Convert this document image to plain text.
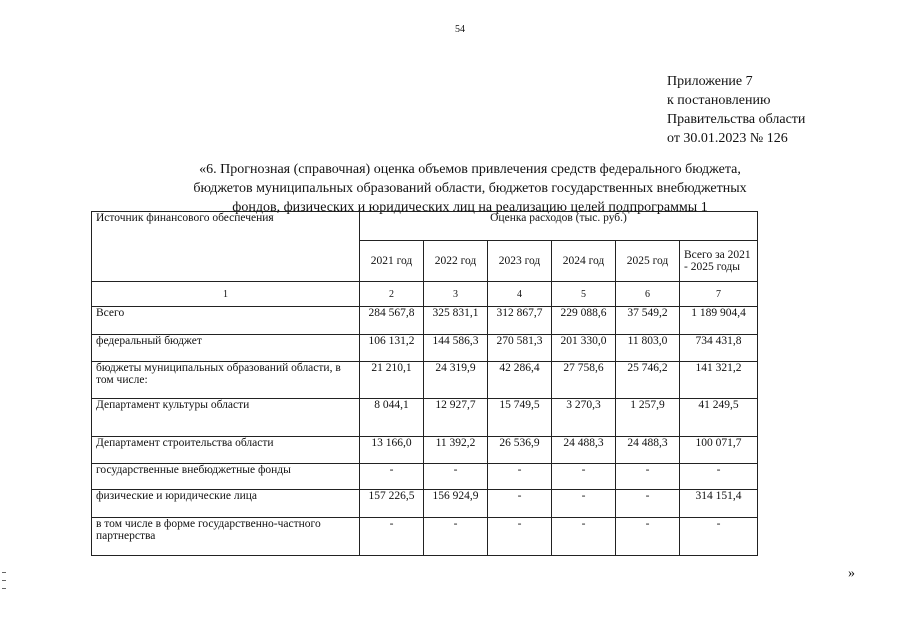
54
Приложение 7
к постановлению
Правительства области
от 30.01.2023 № 126
«6. Прогнозная (справочная) оценка объемов привлечения средств федерального бюджета,
бюджетов муниципальных образований области, бюджетов государственных внебюджетных
фондов, физических и юридических лиц на реализацию целей подпрограммы 1
Источник финансового обеспечения	Оценка расходов (тыс. руб.)					
	2021 год	2022 год	2023 год	2024 год	2025 год	Всего за 2021 - 2025 годы
1	2	3	4	5	6	7
Всего	284 567,8	325 831,1	312 867,7	229 088,6	37 549,2	1 189 904,4
федеральный бюджет	106 131,2	144 586,3	270 581,3	201 330,0	11 803,0	734 431,8
бюджеты муниципальных образований области, в том числе:	21 210,1	24 319,9	42 286,4	27 758,6	25 746,2	141 321,2
Департамент культуры области	8 044,1	12 927,7	15 749,5	3 270,3	1 257,9	41 249,5
Департамент строительства области	13 166,0	11 392,2	26 536,9	24 488,3	24 488,3	100 071,7
государственные внебюджетные фонды	-	-	-	-	-	-
физические и юридические лица	157 226,5	156 924,9	-	-	-	314 151,4
в том числе в форме государственно-частного партнерства	-	-	-	-	-	-
»
